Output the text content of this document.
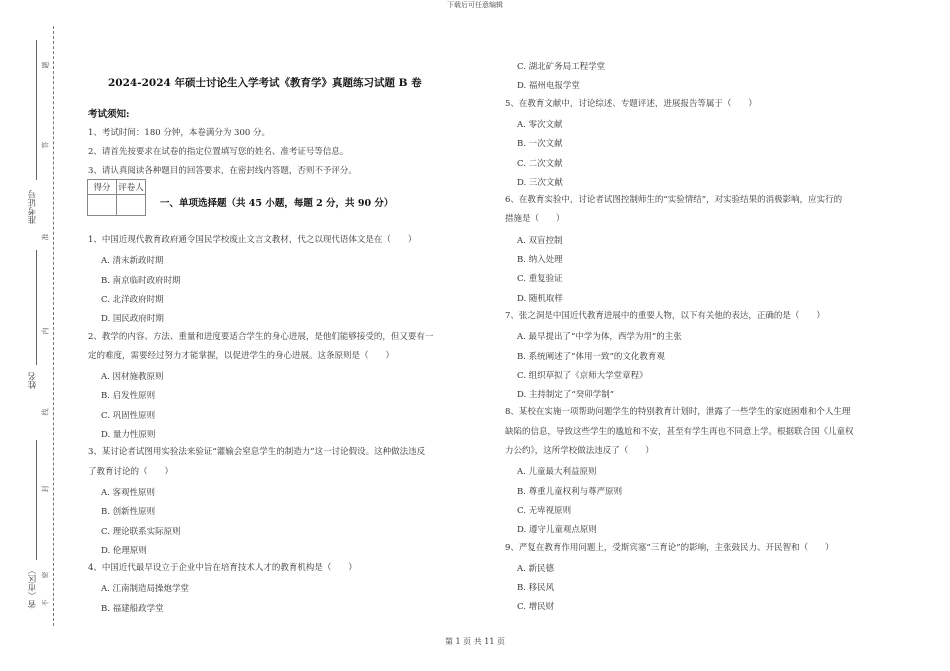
下载后可任意编辑
第 1 页 共 11 页
题
答
准
内
线
封
密
不
准考证号
姓名
省（市区）
2024-2024 年硕士讨论生入学考试《教育学》真题练习试题 B 卷
考试须知:
1、考试时间：180 分钟，本卷满分为 300 分。
2、请首先按要求在试卷的指定位置填写您的姓名、准考证号等信息。
3、请认真阅读各种题目的回答要求，在密封线内答题，否则不予评分。
得分	评卷人

一、单项选择题（共 45 小题，每题 2 分，共 90 分）
1、中国近现代教育政府通令国民学校废止文言文教材，代之以现代语体文是在（　　）
A. 清末新政时期
B. 南京临时政府时期
C. 北洋政府时期
D. 国民政府时期
2、教学的内容、方法、重量和进度要适合学生的身心进展，是他们能够接受的，但又要有一
定的难度，需要经过努力才能掌握，以促进学生的身心进展。这条原则是（　　）
A. 因材施教原则
B. 启发性原则
C. 巩固性原则
D. 量力性原则
3、某讨论者试图用实验法来验证“灌输会窒息学生的制造力”这一讨论假设。这种做法违反
了教育讨论的（　　）
A. 客观性原则
B. 创新性原则
C. 理论联系实际原则
D. 伦理原则
4、中国近代最早设立于企业中旨在培育技术人才的教育机构是（　　）
A. 江南制造局操炮学堂
B. 福建船政学堂
C. 湖北矿务局工程学堂
D. 福州电报学堂
5、在教育文献中，讨论综述、专题评述，进展报告等属于（　　）
A. 零次文献
B. 一次文献
C. 二次文献
D. 三次文献
6、在教育实验中，讨论者试图控制师生的“实验情结”，对实验结果的消极影响，应实行的
措施是（　　）
A. 双盲控制
B. 纳入处理
C. 重复验证
D. 随机取样
7、张之洞是中国近代教育进展中的重要人物，以下有关他的表达，正确的是（　　）
A. 最早提出了“中学为体，西学为用”的主张
B. 系统阐述了“体用一致”的文化教育观
C. 组织草拟了《京师大学堂章程》
D. 主持制定了“癸卯学制”
8、某校在实施一项帮助问题学生的特别教育计划时，泄露了一些学生的家庭困难和个人生理
缺陷的信息，导致这些学生的尴尬和不安，甚至有学生再也不同意上学。根据联合国《儿童权
力公约》，这所学校做法违反了（　　）
A. 儿童最大利益原则
B. 尊重儿童权利与尊严原则
C. 无卑视原则
D. 遵守儿童观点原则
9、严复在教育作用问题上，受斯宾塞“三育论”的影响，主张鼓民力、开民智和（　　）
A. 新民德
B. 移民风
C. 增民财
